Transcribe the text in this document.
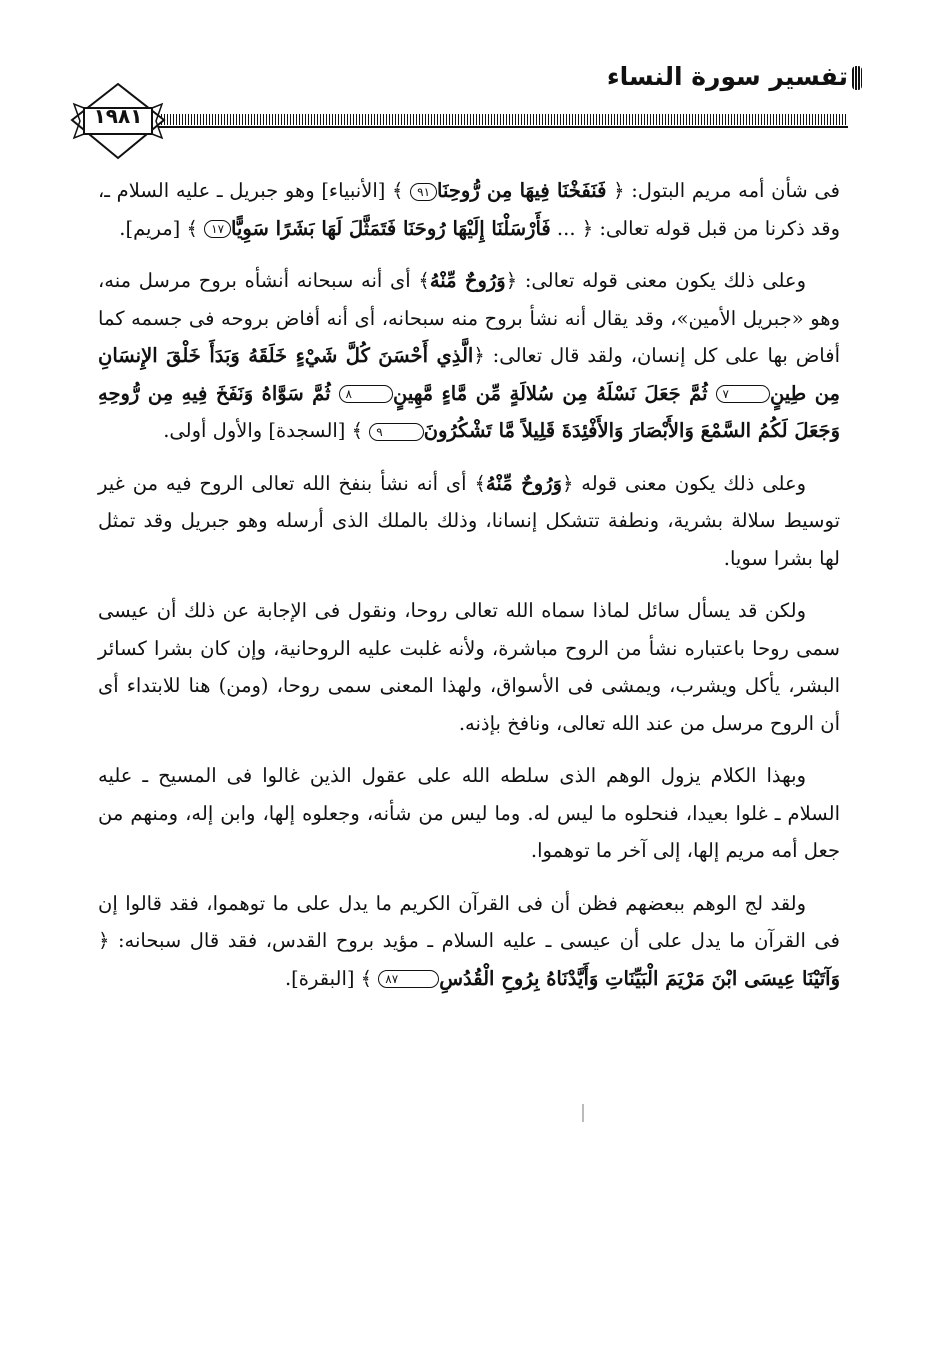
تفسير سورة النساء
١٩٨١

فى شأن أمه مريم البتول: ﴿ فَنَفَخْنَا فِيهَا مِن رُّوحِنَا٩١ ﴾ [الأنبياء] وهو جبريل ـ عليه السلام ـ، وقد ذكرنا من قبل قوله تعالى: ﴿ ... فَأَرْسَلْنَا إِلَيْهَا رُوحَنَا فَتَمَثَّلَ لَهَا بَشَرًا سَوِيًّا١٧ ﴾ [مريم].

وعلى ذلك يكون معنى قوله تعالى: ﴿وَرُوحٌ مِّنْهُ﴾ أى أنه سبحانه أنشأه بروح مرسل منه، وهو «جبريل الأمين»، وقد يقال أنه نشأ بروح منه سبحانه، أى أنه أفاض بروحه فى جسمه كما أفاض بها على كل إنسان، ولقد قال تعالى: ﴿الَّذِي أَحْسَنَ كُلَّ شَيْءٍ خَلَقَهُ وَبَدَأَ خَلْقَ الإِنسَانِ مِن طِينٍ٧ ثُمَّ جَعَلَ نَسْلَهُ مِن سُلالَةٍ مِّن مَّاءٍ مَّهِينٍ٨ ثُمَّ سَوَّاهُ وَنَفَخَ فِيهِ مِن رُّوحِهِ وَجَعَلَ لَكُمُ السَّمْعَ وَالأَبْصَارَ وَالأَفْئِدَةَ قَلِيلاً مَّا تَشْكُرُونَ٩ ﴾ [السجدة] والأول أولى.

وعلى ذلك يكون معنى قوله ﴿وَرُوحٌ مِّنْهُ﴾ أى أنه نشأ بنفخ الله تعالى الروح فيه من غير توسيط سلالة بشرية، ونطفة تتشكل إنسانا، وذلك بالملك الذى أرسله وهو جبريل وقد تمثل لها بشرا سويا.

ولكن قد يسأل سائل لماذا سماه الله تعالى روحا، ونقول فى الإجابة عن ذلك أن عيسى سمى روحا باعتباره نشأ من الروح مباشرة، ولأنه غلبت عليه الروحانية، وإن كان بشرا كسائر البشر، يأكل ويشرب، ويمشى فى الأسواق، ولهذا المعنى سمى روحا، (ومن) هنا للابتداء أى أن الروح مرسل من عند الله تعالى، ونافخ بإذنه.

وبهذا الكلام يزول الوهم الذى سلطه الله على عقول الذين غالوا فى المسيح ـ عليه السلام ـ غلوا بعيدا، فنحلوه ما ليس له. وما ليس من شأنه، وجعلوه إلها، وابن إله، ومنهم من جعل أمه مريم إلها، إلى آخر ما توهموا.

ولقد لج الوهم ببعضهم فظن أن فى القرآن الكريم ما يدل على ما توهموا، فقد قالوا إن فى القرآن ما يدل على أن عيسى ـ عليه السلام ـ مؤيد بروح القدس، فقد قال سبحانه: ﴿ وَآتَيْنَا عِيسَى ابْنَ مَرْيَمَ الْبَيِّنَاتِ وَأَيَّدْنَاهُ بِرُوحِ الْقُدُسِ٨٧ ﴾ [البقرة].
